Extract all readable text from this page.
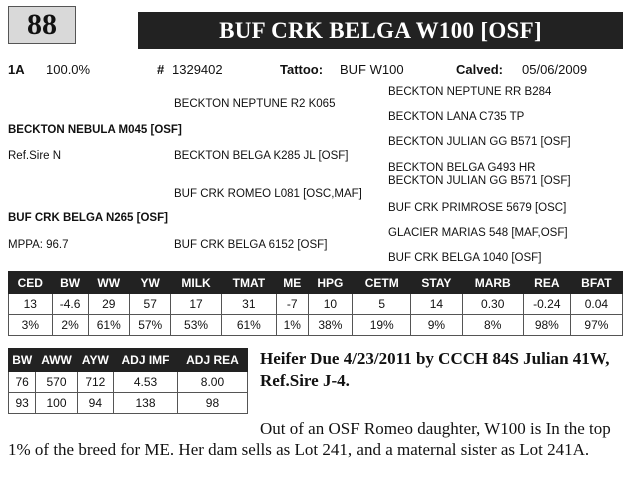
88	BUF CRK BELGA W100 [OSF]
1A 100.0%	# 1329402	Tattoo: BUF W100	Calved: 05/06/2009
BECKTON NEPTUNE RR B284
BECKTON NEPTUNE R2 K065
BECKTON LANA C735 TP
BECKTON NEBULA M045 [OSF]
BECKTON JULIAN GG B571 [OSF]
Ref.Sire N	BECKTON BELGA K285 JL [OSF]
BECKTON BELGA G493 HR
BECKTON JULIAN GG B571 [OSF]
BUF CRK ROMEO L081 [OSC,MAF]
BUF CRK PRIMROSE 5679 [OSC]
BUF CRK BELGA N265 [OSF]
GLACIER MARIAS 548 [MAF,OSF]
MPPA: 96.7	BUF CRK BELGA 6152 [OSF]
BUF CRK BELGA 1040 [OSF]
CED	BW	WW	YW	MILK	TMAT	ME	HPG	CETM	STAY	MARB	REA	BFAT
13	-4.6	29	57	17	31	-7	10	5	14	0.30	-0.24	0.04
3%	2%	61%	57%	53%	61%	1%	38%	19%	9%	8%	98%	97%
BW	AWW	AYW	ADJ IMF	ADJ REA
76	570	712	4.53	8.00
93	100	94	138	98
Heifer Due 4/23/2011 by CCCH 84S Julian 41W, Ref.Sire J-4.
Out of an OSF Romeo daughter, W100 is In the top 1% of the breed for ME. Her dam sells as Lot 241, and a maternal sister as Lot 241A.
